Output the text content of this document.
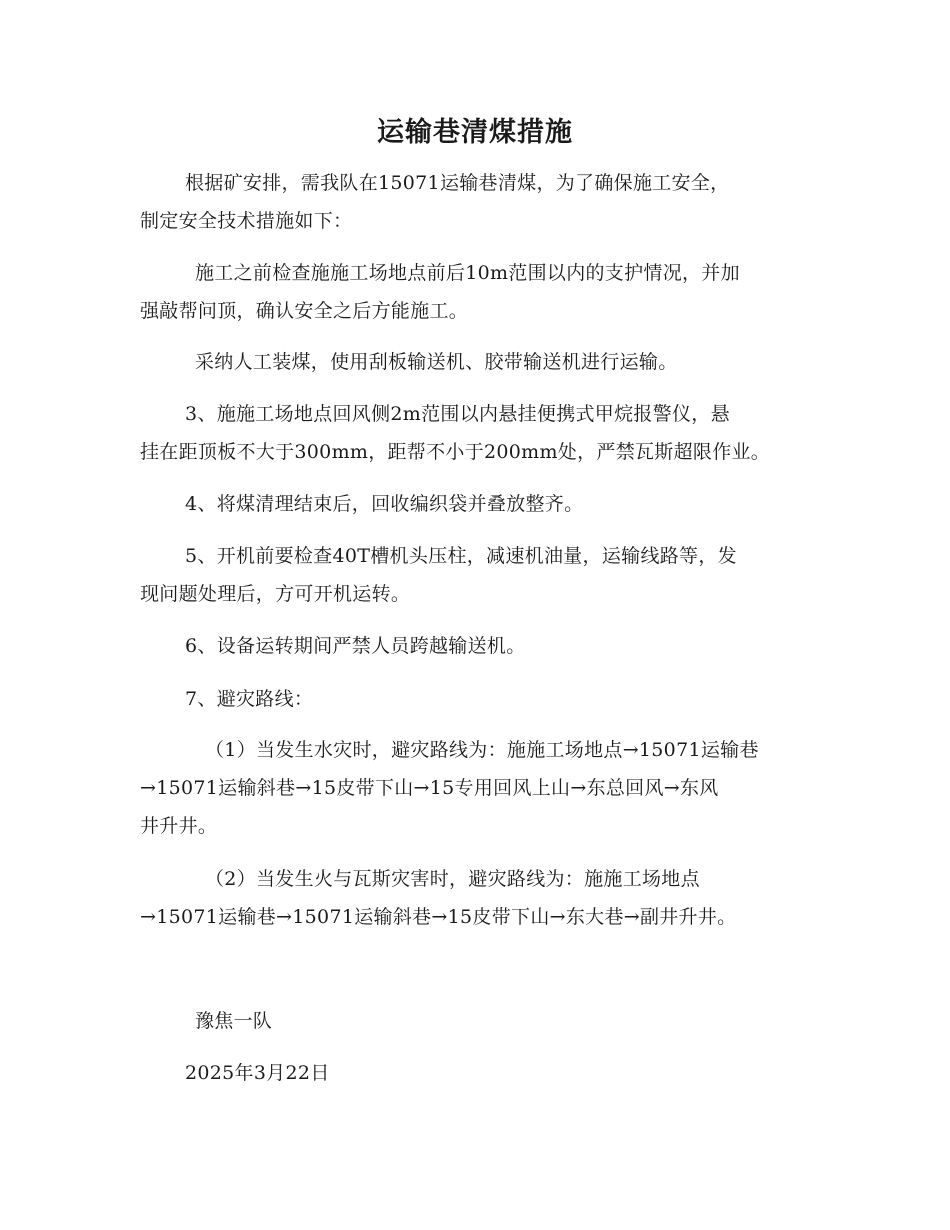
运输巷清煤措施
根据矿安排，需我队在15071运输巷清煤，为了确保施工安全，
制定安全技术措施如下：
施工之前检查施施工场地点前后10m范围以内的支护情况，并加
强敲帮问顶，确认安全之后方能施工。
采纳人工装煤，使用刮板输送机、胶带输送机进行运输。
3、施施工场地点回风侧2m范围以内悬挂便携式甲烷报警仪，悬
挂在距顶板不大于300mm，距帮不小于200mm处，严禁瓦斯超限作业。
4、将煤清理结束后，回收编织袋并叠放整齐。
5、开机前要检查40T槽机头压柱，减速机油量，运输线路等，发
现问题处理后，方可开机运转。
6、设备运转期间严禁人员跨越输送机。
7、避灾路线：
（1）当发生水灾时，避灾路线为：施施工场地点→15071运输巷
→15071运输斜巷→15皮带下山→15专用回风上山→东总回风→东风
井升井。
（2）当发生火与瓦斯灾害时，避灾路线为：施施工场地点
→15071运输巷→15071运输斜巷→15皮带下山→东大巷→副井升井。
豫焦一队
2025年3月22日
